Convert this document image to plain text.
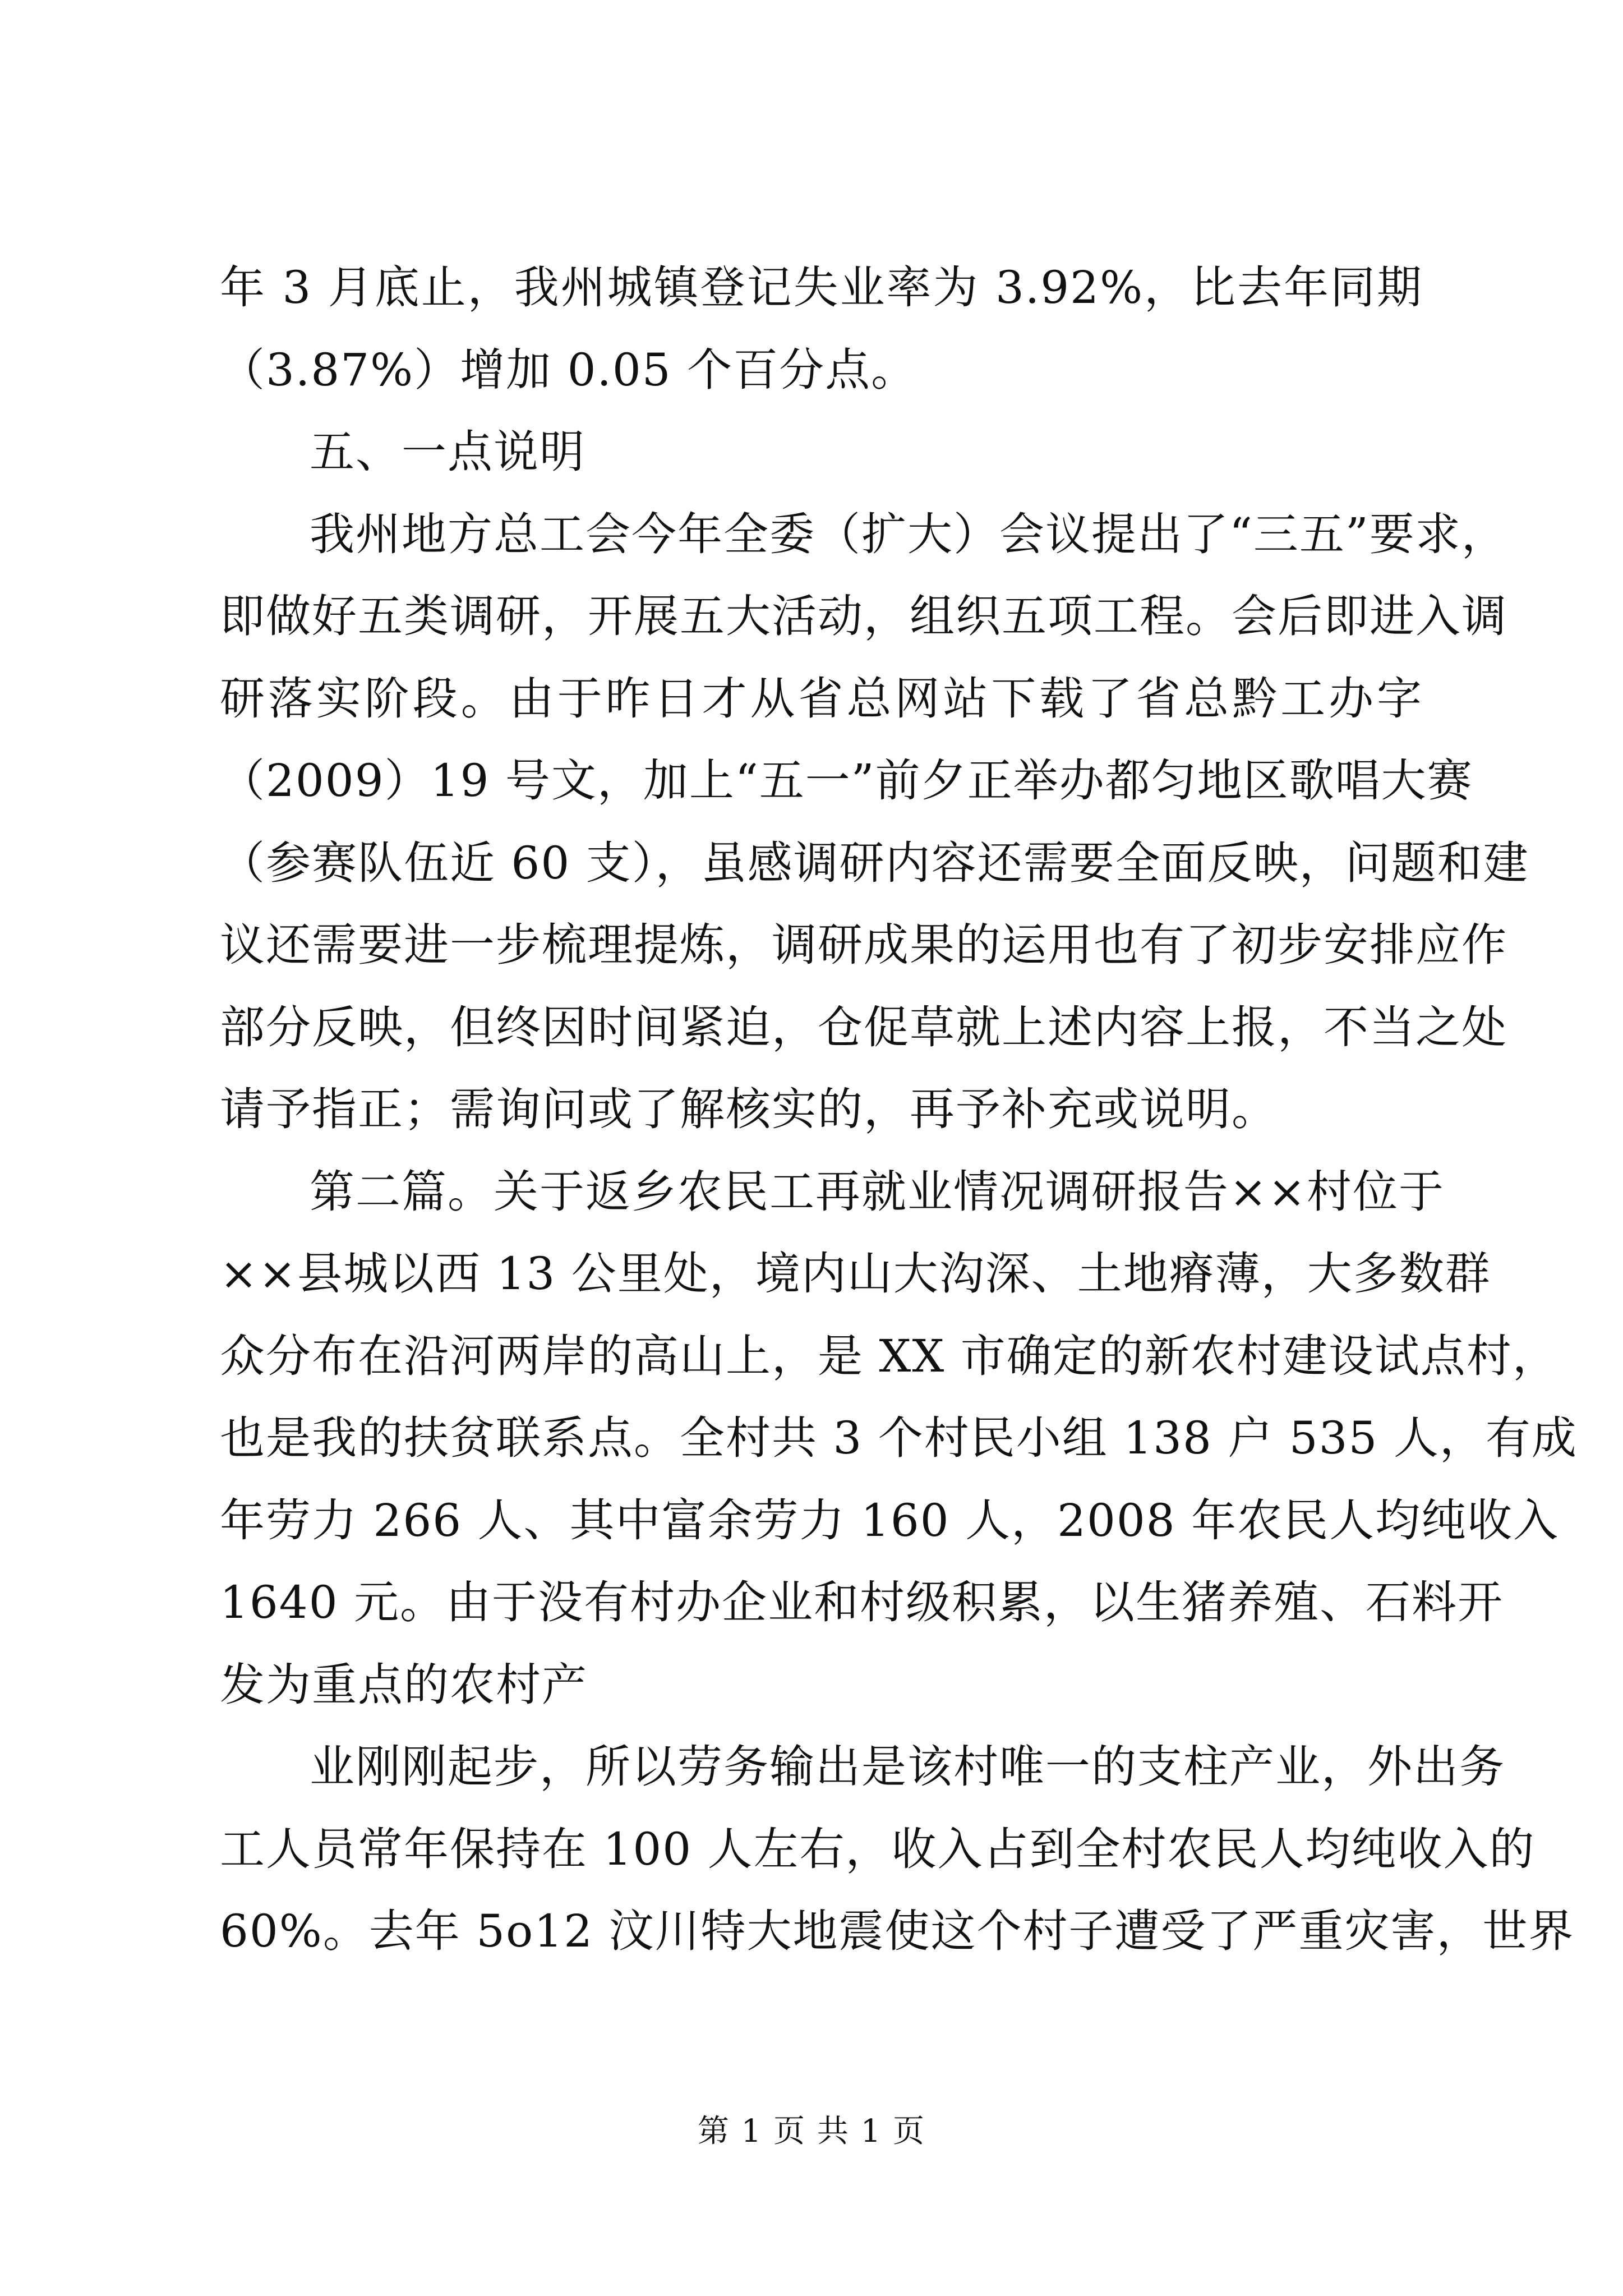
年 3 月底止，我州城镇登记失业率为 3.92%，比去年同期
（3.87%）增加 0.05 个百分点。
五、一点说明
我州地方总工会今年全委（扩大）会议提出了“三五”要求，
即做好五类调研，开展五大活动，组织五项工程。会后即进入调
研落实阶段。由于昨日才从省总网站下载了省总黔工办字
（2009）19 号文，加上“五一”前夕正举办都匀地区歌唱大赛
（参赛队伍近 60 支），虽感调研内容还需要全面反映，问题和建
议还需要进一步梳理提炼，调研成果的运用也有了初步安排应作
部分反映，但终因时间紧迫，仓促草就上述内容上报，不当之处
请予指正；需询问或了解核实的，再予补充或说明。
第二篇。关于返乡农民工再就业情况调研报告××村位于
××县城以西 13 公里处，境内山大沟深、土地瘠薄，大多数群
众分布在沿河两岸的高山上，是 XX 市确定的新农村建设试点村，
也是我的扶贫联系点。全村共 3 个村民小组 138 户 535 人，有成
年劳力 266 人、其中富余劳力 160 人，2008 年农民人均纯收入
1640 元。由于没有村办企业和村级积累，以生猪养殖、石料开
发为重点的农村产
业刚刚起步，所以劳务输出是该村唯一的支柱产业，外出务
工人员常年保持在 100 人左右，收入占到全村农民人均纯收入的
60%。去年 5o12 汶川特大地震使这个村子遭受了严重灾害，世界
第 1 页 共 1 页
